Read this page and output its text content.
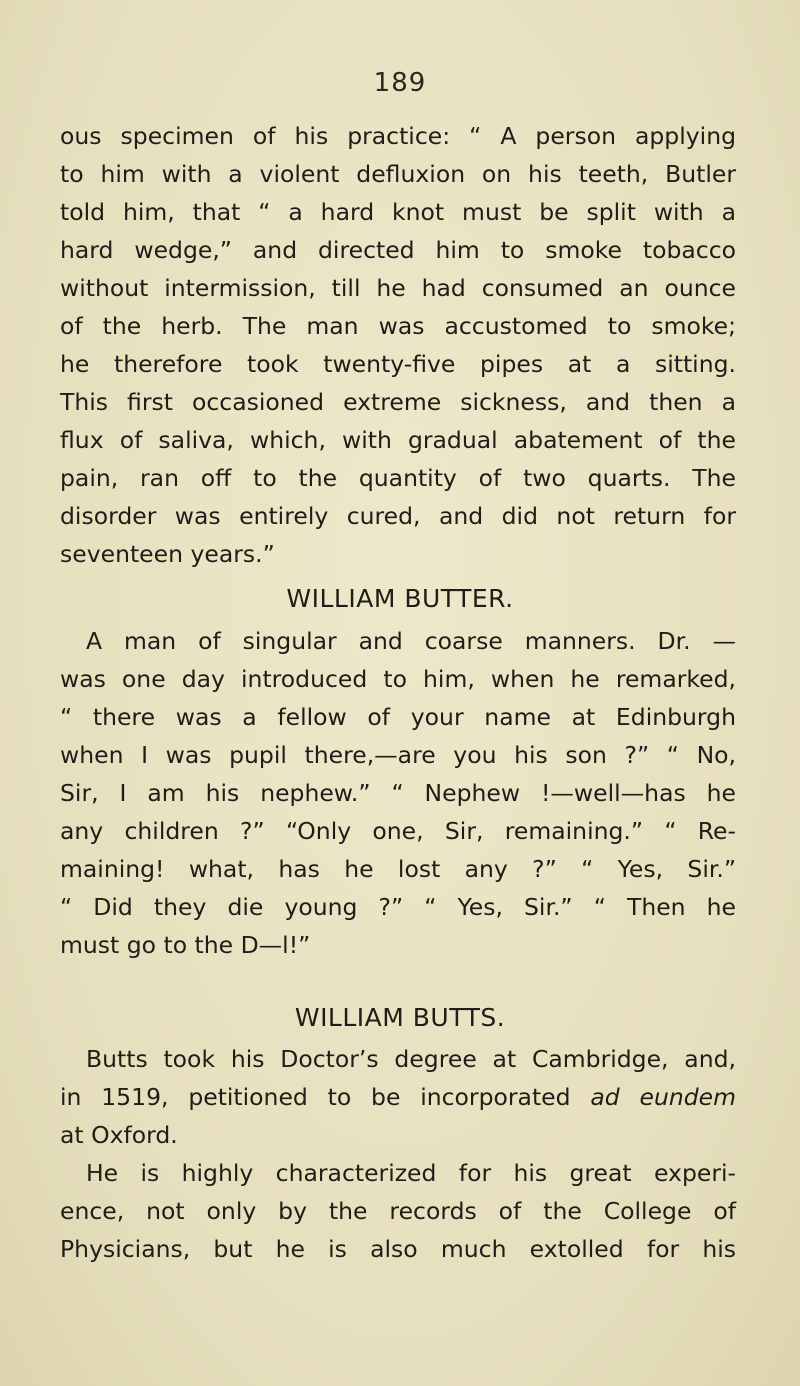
189
ous specimen of his practice: “ A person applying
to him with a violent defluxion on his teeth, Butler
told him, that “ a hard knot must be split with a
hard wedge,” and directed him to smoke tobacco
without intermission, till he had consumed an ounce
of the herb. The man was accustomed to smoke;
he therefore took twenty-five pipes at a sitting.
This first occasioned extreme sickness, and then a
flux of saliva, which, with gradual abatement of the
pain, ran off to the quantity of two quarts. The
disorder was entirely cured, and did not return for
seventeen years.”
WILLIAM BUTTER.
A man of singular and coarse manners. Dr. —
was one day introduced to him, when he remarked,
“ there was a fellow of your name at Edinburgh
when I was pupil there,—are you his son ?” “ No,
Sir, I am his nephew.” “ Nephew !—well—has he
any children ?” “Only one, Sir, remaining.” “ Re-
maining! what, has he lost any ?” “ Yes, Sir.”
“ Did they die young ?” “ Yes, Sir.” “ Then he
must go to the D—l!”
WILLIAM BUTTS.
Butts took his Doctor’s degree at Cambridge, and,
in 1519, petitioned to be incorporated ad eundem
at Oxford.
He is highly characterized for his great experi-
ence, not only by the records of the College of
Physicians, but he is also much extolled for his
